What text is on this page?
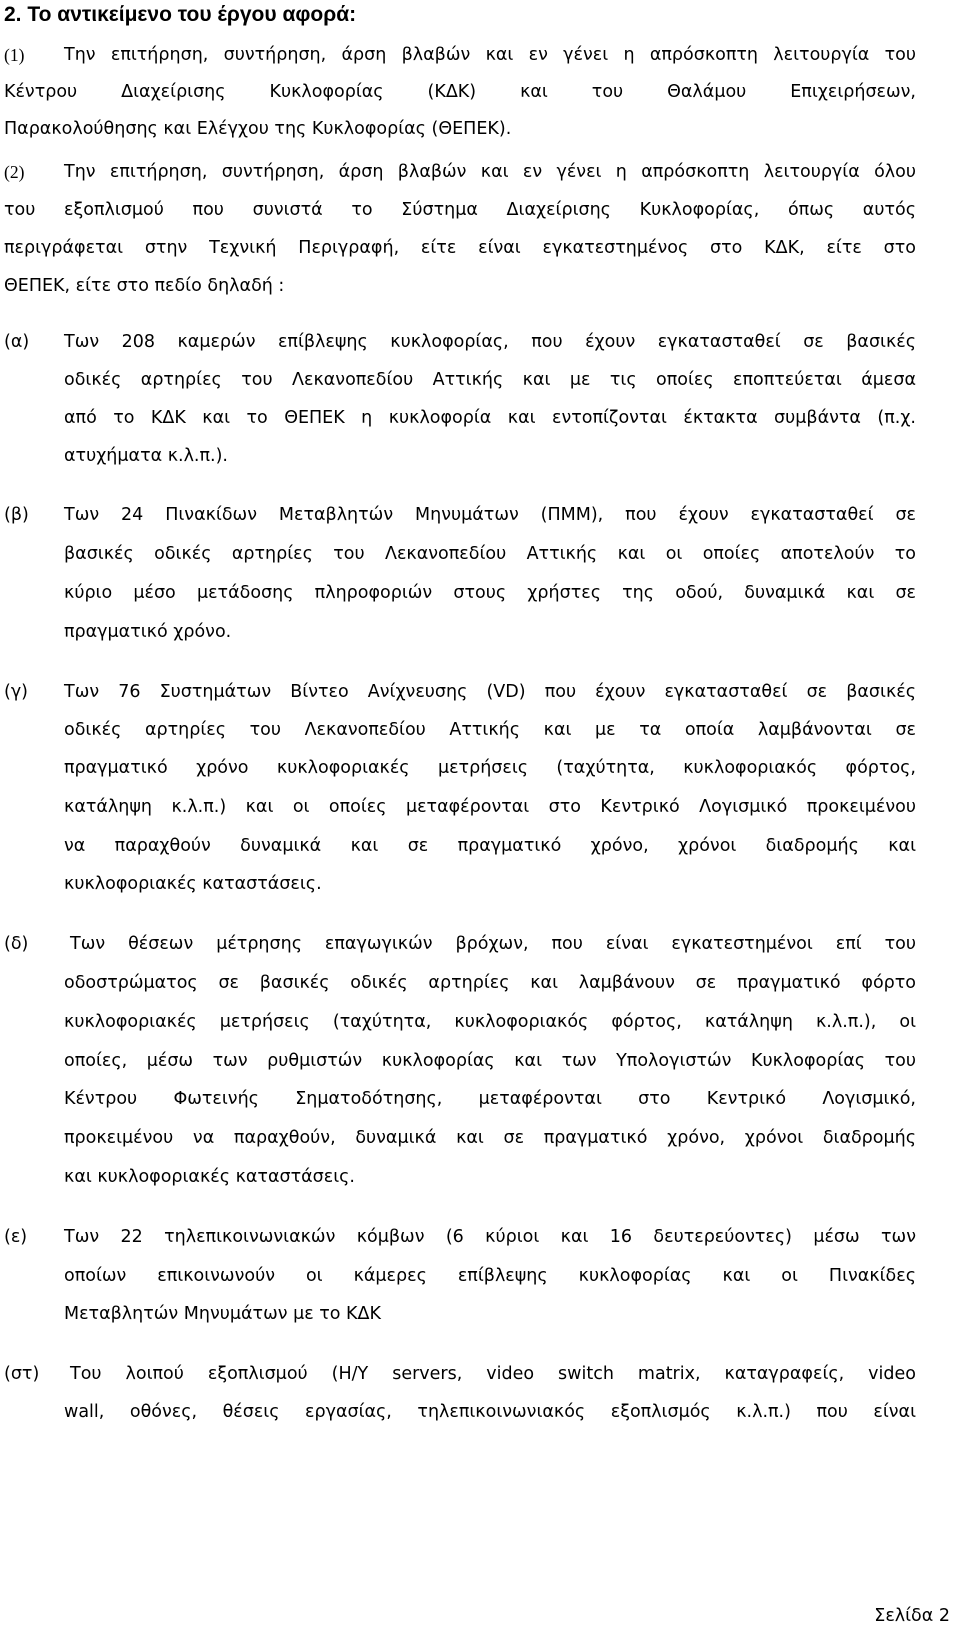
2. Το αντικείμενο του έργου αφορά:
(1) Την επιτήρηση, συντήρηση, άρση βλαβών και εν γένει η απρόσκοπτη λειτουργία του
Κέντρου Διαχείρισης Κυκλοφορίας (ΚΔΚ) και του Θαλάμου Επιχειρήσεων,
Παρακολούθησης και Ελέγχου της Κυκλοφορίας (ΘΕΠΕΚ).
(2) Την επιτήρηση, συντήρηση, άρση βλαβών και εν γένει η απρόσκοπτη λειτουργία όλου
του εξοπλισμού που συνιστά το Σύστημα Διαχείρισης Κυκλοφορίας, όπως αυτός
περιγράφεται στην Τεχνική Περιγραφή, είτε είναι εγκατεστημένος στο ΚΔΚ, είτε στο
ΘΕΠΕΚ, είτε στο πεδίο δηλαδή :
(α) Των 208 καμερών επίβλεψης κυκλοφορίας, που έχουν εγκατασταθεί σε βασικές
οδικές αρτηρίες του Λεκανοπεδίου Αττικής και με τις οποίες εποπτεύεται άμεσα
από το ΚΔΚ και το ΘΕΠΕΚ η κυκλοφορία και εντοπίζονται έκτακτα συμβάντα (π.χ.
ατυχήματα κ.λ.π.).
(β) Των 24 Πινακίδων Μεταβλητών Μηνυμάτων (ΠΜΜ), που έχουν εγκατασταθεί σε
βασικές οδικές αρτηρίες του Λεκανοπεδίου Αττικής και οι οποίες αποτελούν το
κύριο μέσο μετάδοσης πληροφοριών στους χρήστες της οδού, δυναμικά και σε
πραγματικό χρόνο.
(γ) Των 76 Συστημάτων Βίντεο Ανίχνευσης (VD) που έχουν εγκατασταθεί σε βασικές
οδικές αρτηρίες του Λεκανοπεδίου Αττικής και με τα οποία λαμβάνονται σε
πραγματικό χρόνο κυκλοφοριακές μετρήσεις (ταχύτητα, κυκλοφοριακός φόρτος,
κατάληψη κ.λ.π.) και οι οποίες μεταφέρονται στο Κεντρικό Λογισμικό προκειμένου
να παραχθούν δυναμικά και σε πραγματικό χρόνο, χρόνοι διαδρομής και
κυκλοφοριακές καταστάσεις.
(δ) Των θέσεων μέτρησης επαγωγικών βρόχων, που είναι εγκατεστημένοι επί του
οδοστρώματος σε βασικές οδικές αρτηρίες και λαμβάνουν σε πραγματικό φόρτο
κυκλοφοριακές μετρήσεις (ταχύτητα, κυκλοφοριακός φόρτος, κατάληψη κ.λ.π.), οι
οποίες, μέσω των ρυθμιστών κυκλοφορίας και των Υπολογιστών Κυκλοφορίας του
Κέντρου Φωτεινής Σηματοδότησης, μεταφέρονται στο Κεντρικό Λογισμικό,
προκειμένου να παραχθούν, δυναμικά και σε πραγματικό χρόνο, χρόνοι διαδρομής
και κυκλοφοριακές καταστάσεις.
(ε) Των 22 τηλεπικοινωνιακών κόμβων (6 κύριοι και 16 δευτερεύοντες) μέσω των
οποίων επικοινωνούν οι κάμερες επίβλεψης κυκλοφορίας και οι Πινακίδες
Μεταβλητών Μηνυμάτων με το ΚΔΚ
(στ) Του λοιπού εξοπλισμού (Η/Υ servers, video switch matrix, καταγραφείς, video
wall, οθόνες, θέσεις εργασίας, τηλεπικοινωνιακός εξοπλισμός κ.λ.π.) που είναι
Σελίδα 2
